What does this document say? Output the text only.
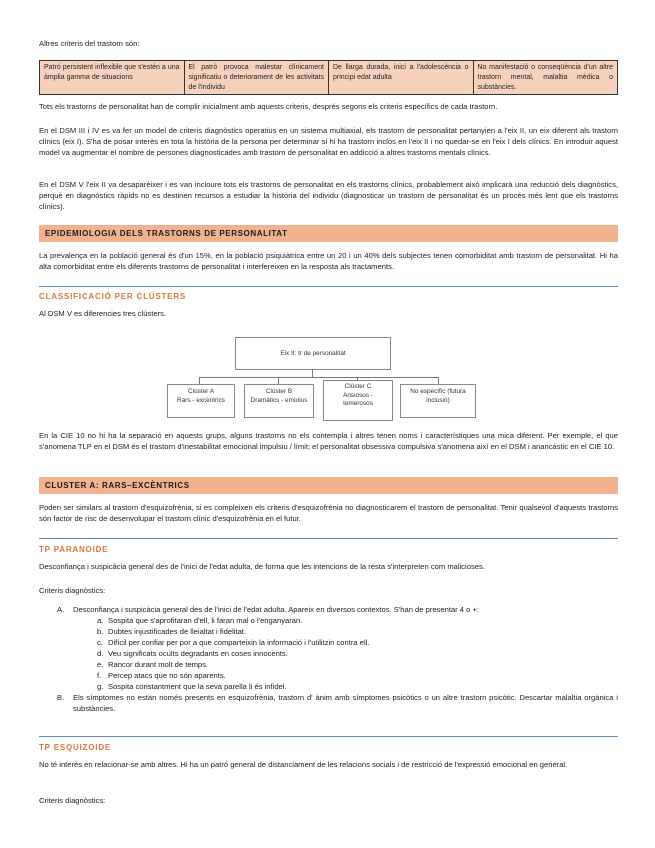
Altres criteris del trastorn són:

Patró persistent inflexible que s'estén a una àmplia gamma de situacions	El patró provoca malestar clínicament significatiu o deteriorament de les activitats de l'individu	De llarga durada, inici a l'adolescència o principi edat adulta	No manifestació o conseqüència d'un altre trastorn mental, malaltia mèdica o substàncies.

Tots els trastorns de personalitat han de complir inicialment amb aquests criteris, després segons els criteris específics de cada trastorn.

En el DSM III i IV es va fer un model de criteris diagnòstics operatius en un sistema multiaxial, els trastorn de personalitat pertanyien a l'eix II, un eix diferent als trastorn clínics (eix I). S'ha de posar interès en tota la història de la persona per determinar si hi ha trastorn inclòs en l'eix II i no quedar-se en l'eix I dels clínics. En introduir aquest model va augmentar el nombre de persones diagnosticades amb trastorn de personalitat en addicció a altres trastorns mentals clínics.

En el DSM V l'eix II va desaparèixer i es van incloure tots els trastorns de personalitat en els trastorns clínics, probablement això implicarà una reducció dels diagnòstics, perquè en diagnòstics ràpids no es destinen recursos a estudiar la història del individu (diagnosticar un trastorn de personalitat és un procés més lent que els trastorns clínics).

EPIDEMIOLOGIA DELS TRASTORNS DE PERSONALITAT

La prevalença en la població general és d'un 15%, en la població psiquiàtrica entre un 20 i un 40% dels subjectes tenen comorbiditat amb trastorn de personalitat. Hi ha alta comorbiditat entre els diferents trastorns de personalitat i interfereixen en la resposta als tractaments.

CLASSIFICACIÓ PER CLÚSTERS

Al DSM V es diferencies tres clústers.

Eix II: tr de personalitat
Clúster A
Rars - excèntrics
Clúster B
Dramàtics - emotius
Clúster C
Ansiosos - temerosos
No específic (futura
inclusió)

En la CIE 10 no hi ha la separació en aquests grups, alguns trastorns no els contempla i altres tenen noms i característiques una mica diferent. Per exemple, el que s'anomena TLP en el DSM és el trastorn d'inestabilitat emocional impulsiu / límit; el personalitat obsessiva compulsiva s'anomena així en el DSM i anancàstic en el CIE 10.

CLUSTER A: RARS–EXCÈNTRICS

Poden ser similars al trastorn d'esquizofrènia, si es compleixen els criteris d'esquizofrènia no diagnosticarem el trastorn de personalitat. Tenir qualsevol d'aquests trastorns són factor de risc de desenvolupar el trastorn clínic d'esquizofrènia en el futur.

TP PARANOIDE

Desconfiança i suspicàcia general des de l'inici de l'edat adulta, de forma que les intencions de la resta s'interpreten com malicioses.

Criteris diagnòstics:

A. Desconfiança i suspicàcia general des de l'inici de l'edat adulta. Apareix en diversos contextos. S'han de presentar 4 o +:
a. Sospita que s'aprofitaran d'ell, li faran mal o l'enganyaran.
b. Dubtes injustificades de lleialtat i fidelitat.
c. Difícil per confiar per por a que comparteixin la informació i l'utilitzin contra ell.
d. Veu significats ocults degradants en coses innocents.
e. Rancor durant molt de temps.
f. Percep atacs que no són aparents.
g. Sospita constantment que la seva parella li és infidel.
B. Els símptomes no estan només presents en esquizofrènia, trastorn d' ànim amb símptomes psicòtics o un altre trastorn psicòtic. Descartar malaltia orgànica i substàncies.
TP ESQUIZOIDE

No té interès en relacionar-se amb altres. Hi ha un patró general de distanciament de les relacions socials i de restricció de l'expressió emocional en general.

Criteris diagnòstics:
